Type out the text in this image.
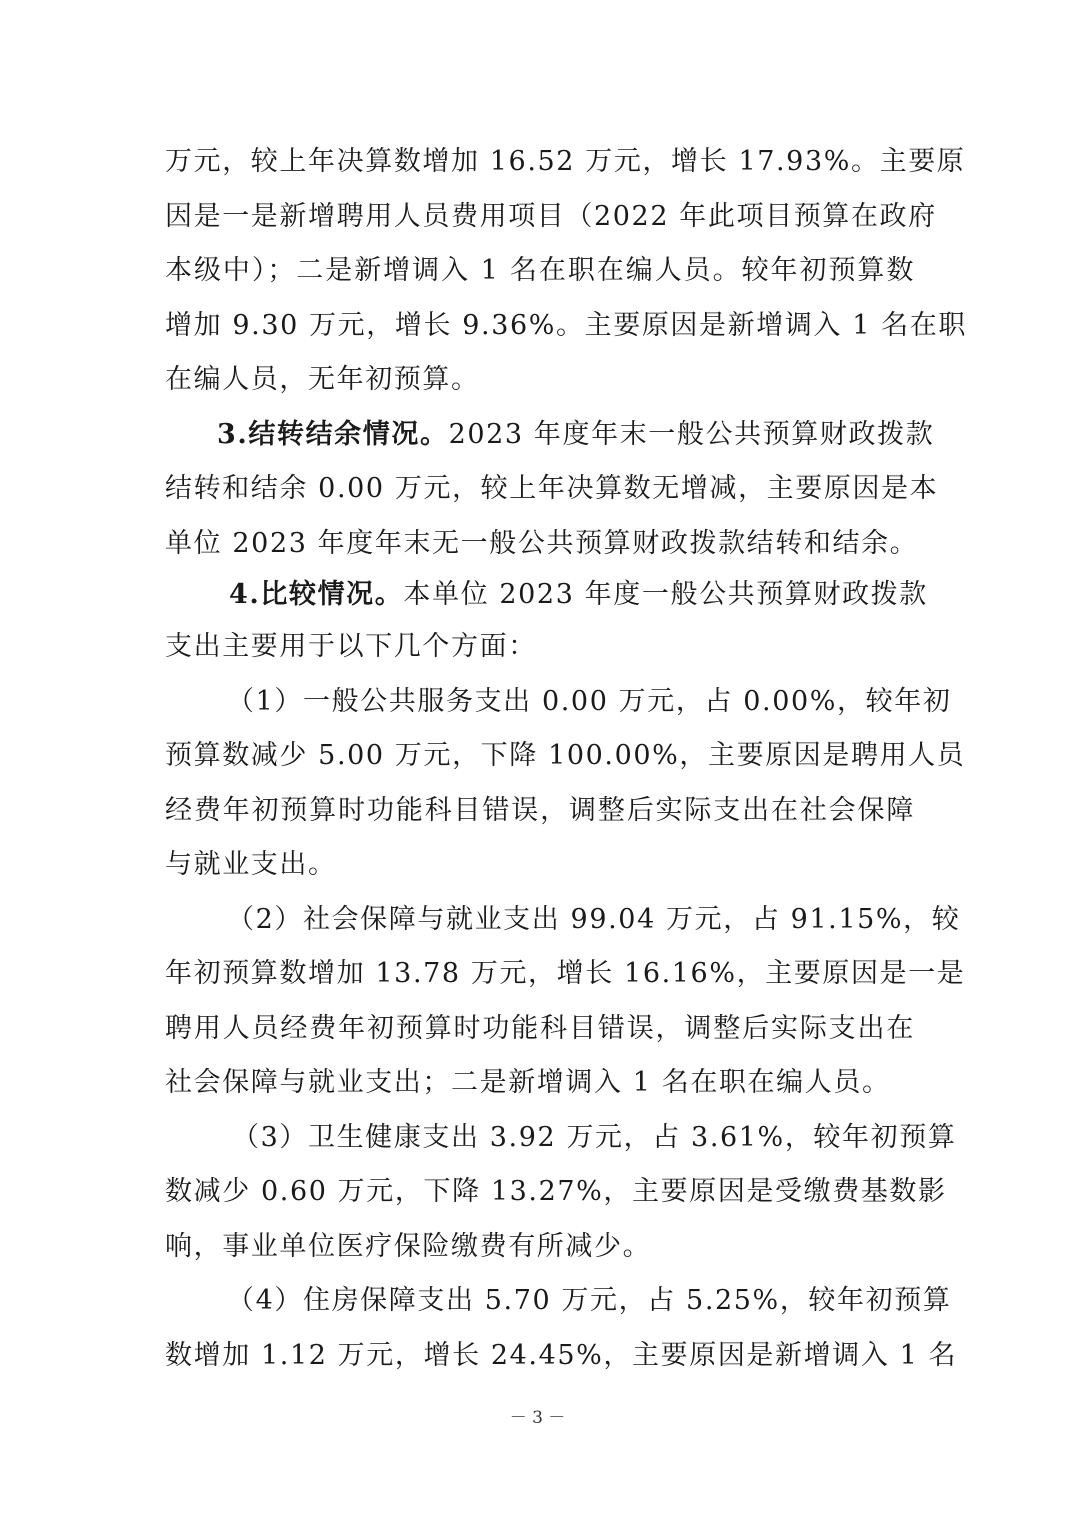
万元，较上年决算数增加 16.52 万元，增长 17.93%。主要原
因是一是新增聘用人员费用项目（2022 年此项目预算在政府
本级中）；二是新增调入 1 名在职在编人员。较年初预算数
增加 9.30 万元，增长 9.36%。主要原因是新增调入 1 名在职
在编人员，无年初预算。
3.结转结余情况。 2023 年度年末一般公共预算财政拨款
结转和结余 0.00 万元，较上年决算数无增减，主要原因是本
单位 2023 年度年末无一般公共预算财政拨款结转和结余。
4.比较情况。 本单位 2023 年度一般公共预算财政拨款
支出主要用于以下几个方面：
（1）一般公共服务支出 0.00 万元，占 0.00%，较年初
预算数减少 5.00 万元，下降 100.00%，主要原因是聘用人员
经费年初预算时功能科目错误，调整后实际支出在社会保障
与就业支出。
（2）社会保障与就业支出 99.04 万元，占 91.15%，较
年初预算数增加 13.78 万元，增长 16.16%，主要原因是一是
聘用人员经费年初预算时功能科目错误，调整后实际支出在
社会保障与就业支出；二是新增调入 1 名在职在编人员。
（3）卫生健康支出 3.92 万元，占 3.61%，较年初预算
数减少 0.60 万元，下降 13.27%，主要原因是受缴费基数影
响，事业单位医疗保险缴费有所减少。
（4）住房保障支出 5.70 万元，占 5.25%，较年初预算
数增加 1.12 万元，增长 24.45%，主要原因是新增调入 1 名
－ 3 －
